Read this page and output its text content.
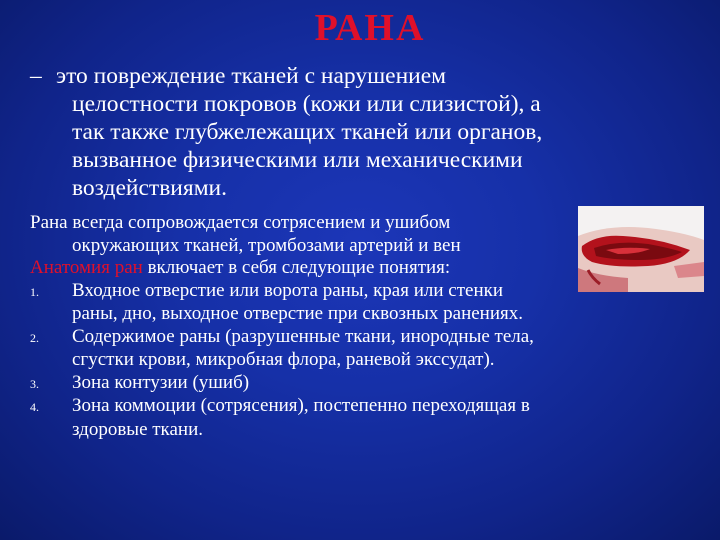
РАНА
– это повреждение тканей с нарушением
целостности покровов (кожи или слизистой), а
так также глубжележащих тканей или органов,
вызванное физическими или механическими
воздействиями.
Рана всегда сопровождается сотрясением и ушибом
окружающих тканей, тромбозами артерий и вен
Анатомия ран включает в себя следующие понятия:
1. Входное отверстие или ворота раны, края или стенки
раны, дно, выходное отверстие при сквозных ранениях.
2. Содержимое раны (разрушенные ткани, инородные тела,
сгустки крови, микробная флора, раневой экссудат).
3. Зона контузии (ушиб)
4. Зона коммоции (сотрясения), постепенно переходящая в
здоровые ткани.
